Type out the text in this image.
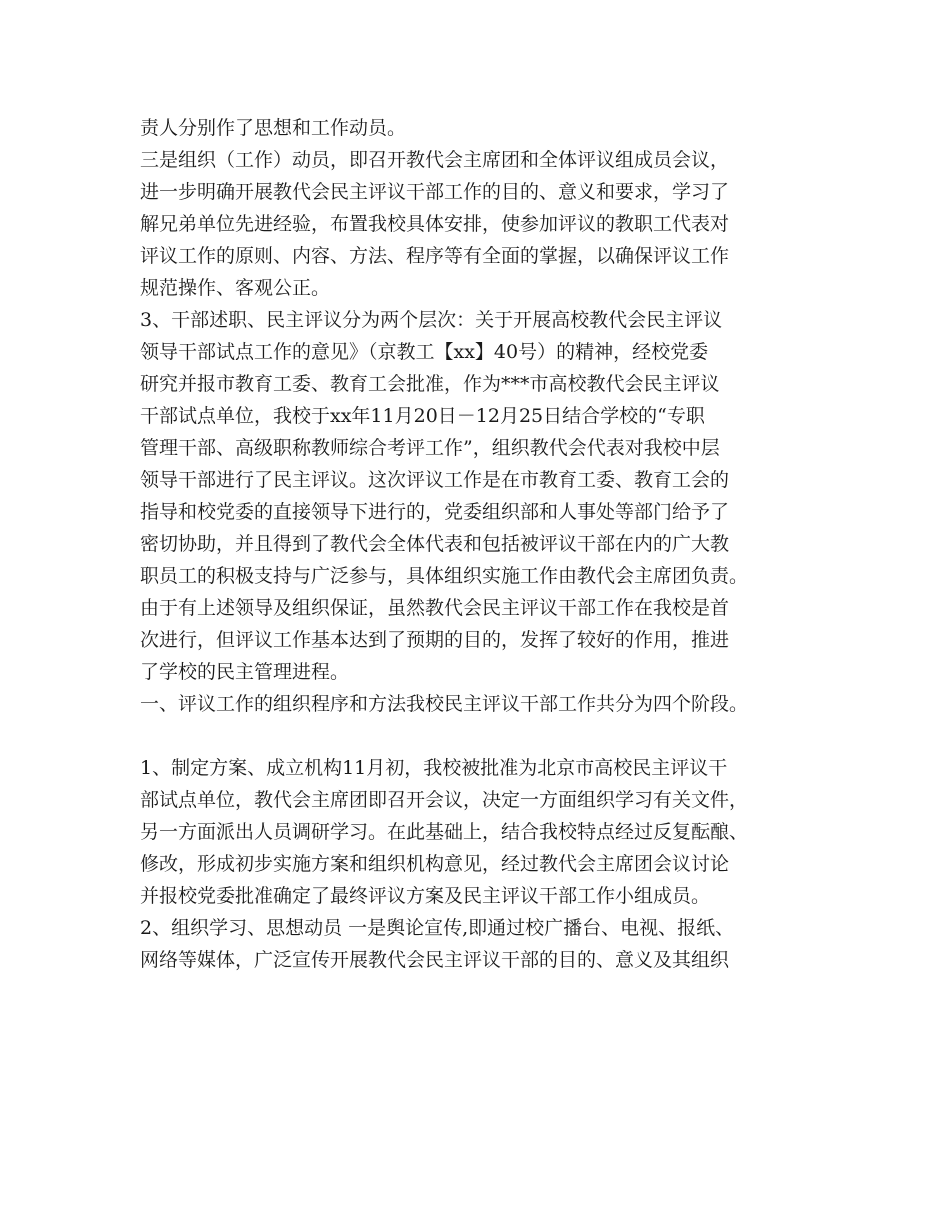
责人分别作了思想和工作动员。
三是组织（工作）动员，即召开教代会主席团和全体评议组成员会议，
进一步明确开展教代会民主评议干部工作的目的、意义和要求，学习了
解兄弟单位先进经验，布置我校具体安排，使参加评议的教职工代表对
评议工作的原则、内容、方法、程序等有全面的掌握，以确保评议工作
规范操作、客观公正。
3、干部述职、民主评议分为两个层次：关于开展高校教代会民主评议
领导干部试点工作的意见》（京教工【xx】40号）的精神，经校党委
研究并报市教育工委、教育工会批准，作为***市高校教代会民主评议
干部试点单位，我校于xx年11月20日－12月25日结合学校的“专职
管理干部、高级职称教师综合考评工作”，组织教代会代表对我校中层
领导干部进行了民主评议。这次评议工作是在市教育工委、教育工会的
指导和校党委的直接领导下进行的，党委组织部和人事处等部门给予了
密切协助，并且得到了教代会全体代表和包括被评议干部在内的广大教
职员工的积极支持与广泛参与，具体组织实施工作由教代会主席团负责。
由于有上述领导及组织保证，虽然教代会民主评议干部工作在我校是首
次进行，但评议工作基本达到了预期的目的，发挥了较好的作用，推进
了学校的民主管理进程。
一、评议工作的组织程序和方法我校民主评议干部工作共分为四个阶段。
1、制定方案、成立机构11月初，我校被批准为北京市高校民主评议干
部试点单位，教代会主席团即召开会议，决定一方面组织学习有关文件，
另一方面派出人员调研学习。在此基础上，结合我校特点经过反复酝酿、
修改，形成初步实施方案和组织机构意见，经过教代会主席团会议讨论
并报校党委批准确定了最终评议方案及民主评议干部工作小组成员。
2、组织学习、思想动员 一是舆论宣传,即通过校广播台、电视、报纸、
网络等媒体，广泛宣传开展教代会民主评议干部的目的、意义及其组织
